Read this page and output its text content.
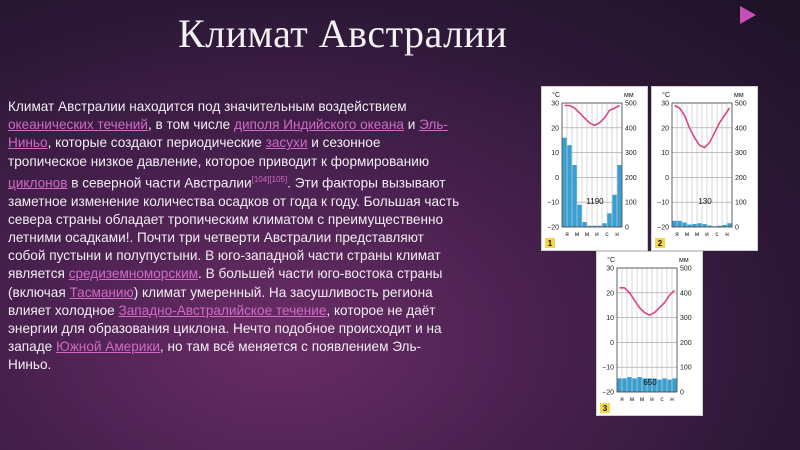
Климат Австралии
Климат Австралии находится под значительным воздействием океанических течений, в том числе диполя Индийского океана и Эль-Ниньо, которые создают периодические засухи и сезонное тропическое низкое давление, которое приводит к формированию циклонов в северной части Австралии[104][105]. Эти факторы вызывают заметное изменение количества осадков от года к году. Большая часть севера страны обладает тропическим климатом с преимущественно летними осадками!. Почти три четверти Австралии представляют собой пустыни и полупустыни. В юго-западной части страны климат является средиземноморским. В большей части юго-востока страны (включая Тасманию) климат умеренный. На засушливость региона влияет холодное Западно-Австралийское течение, которое не даёт энергии для образования циклона. Нечто подобное происходит и на западе Южной Америки, но там всё меняется с появлением Эль-Ниньо.
°C	мм
30	500
20	400
10	300
0	200
−10	100
−20	0
1190
я м м и с н
1
°C	мм
30	500
20	400
10	300
0	200
−10	100
−20	0
130
я м м и с н
2
°C	мм
30	500
20	400
10	300
0	200
−10	100
−20	0
650
я м м и с н
3
